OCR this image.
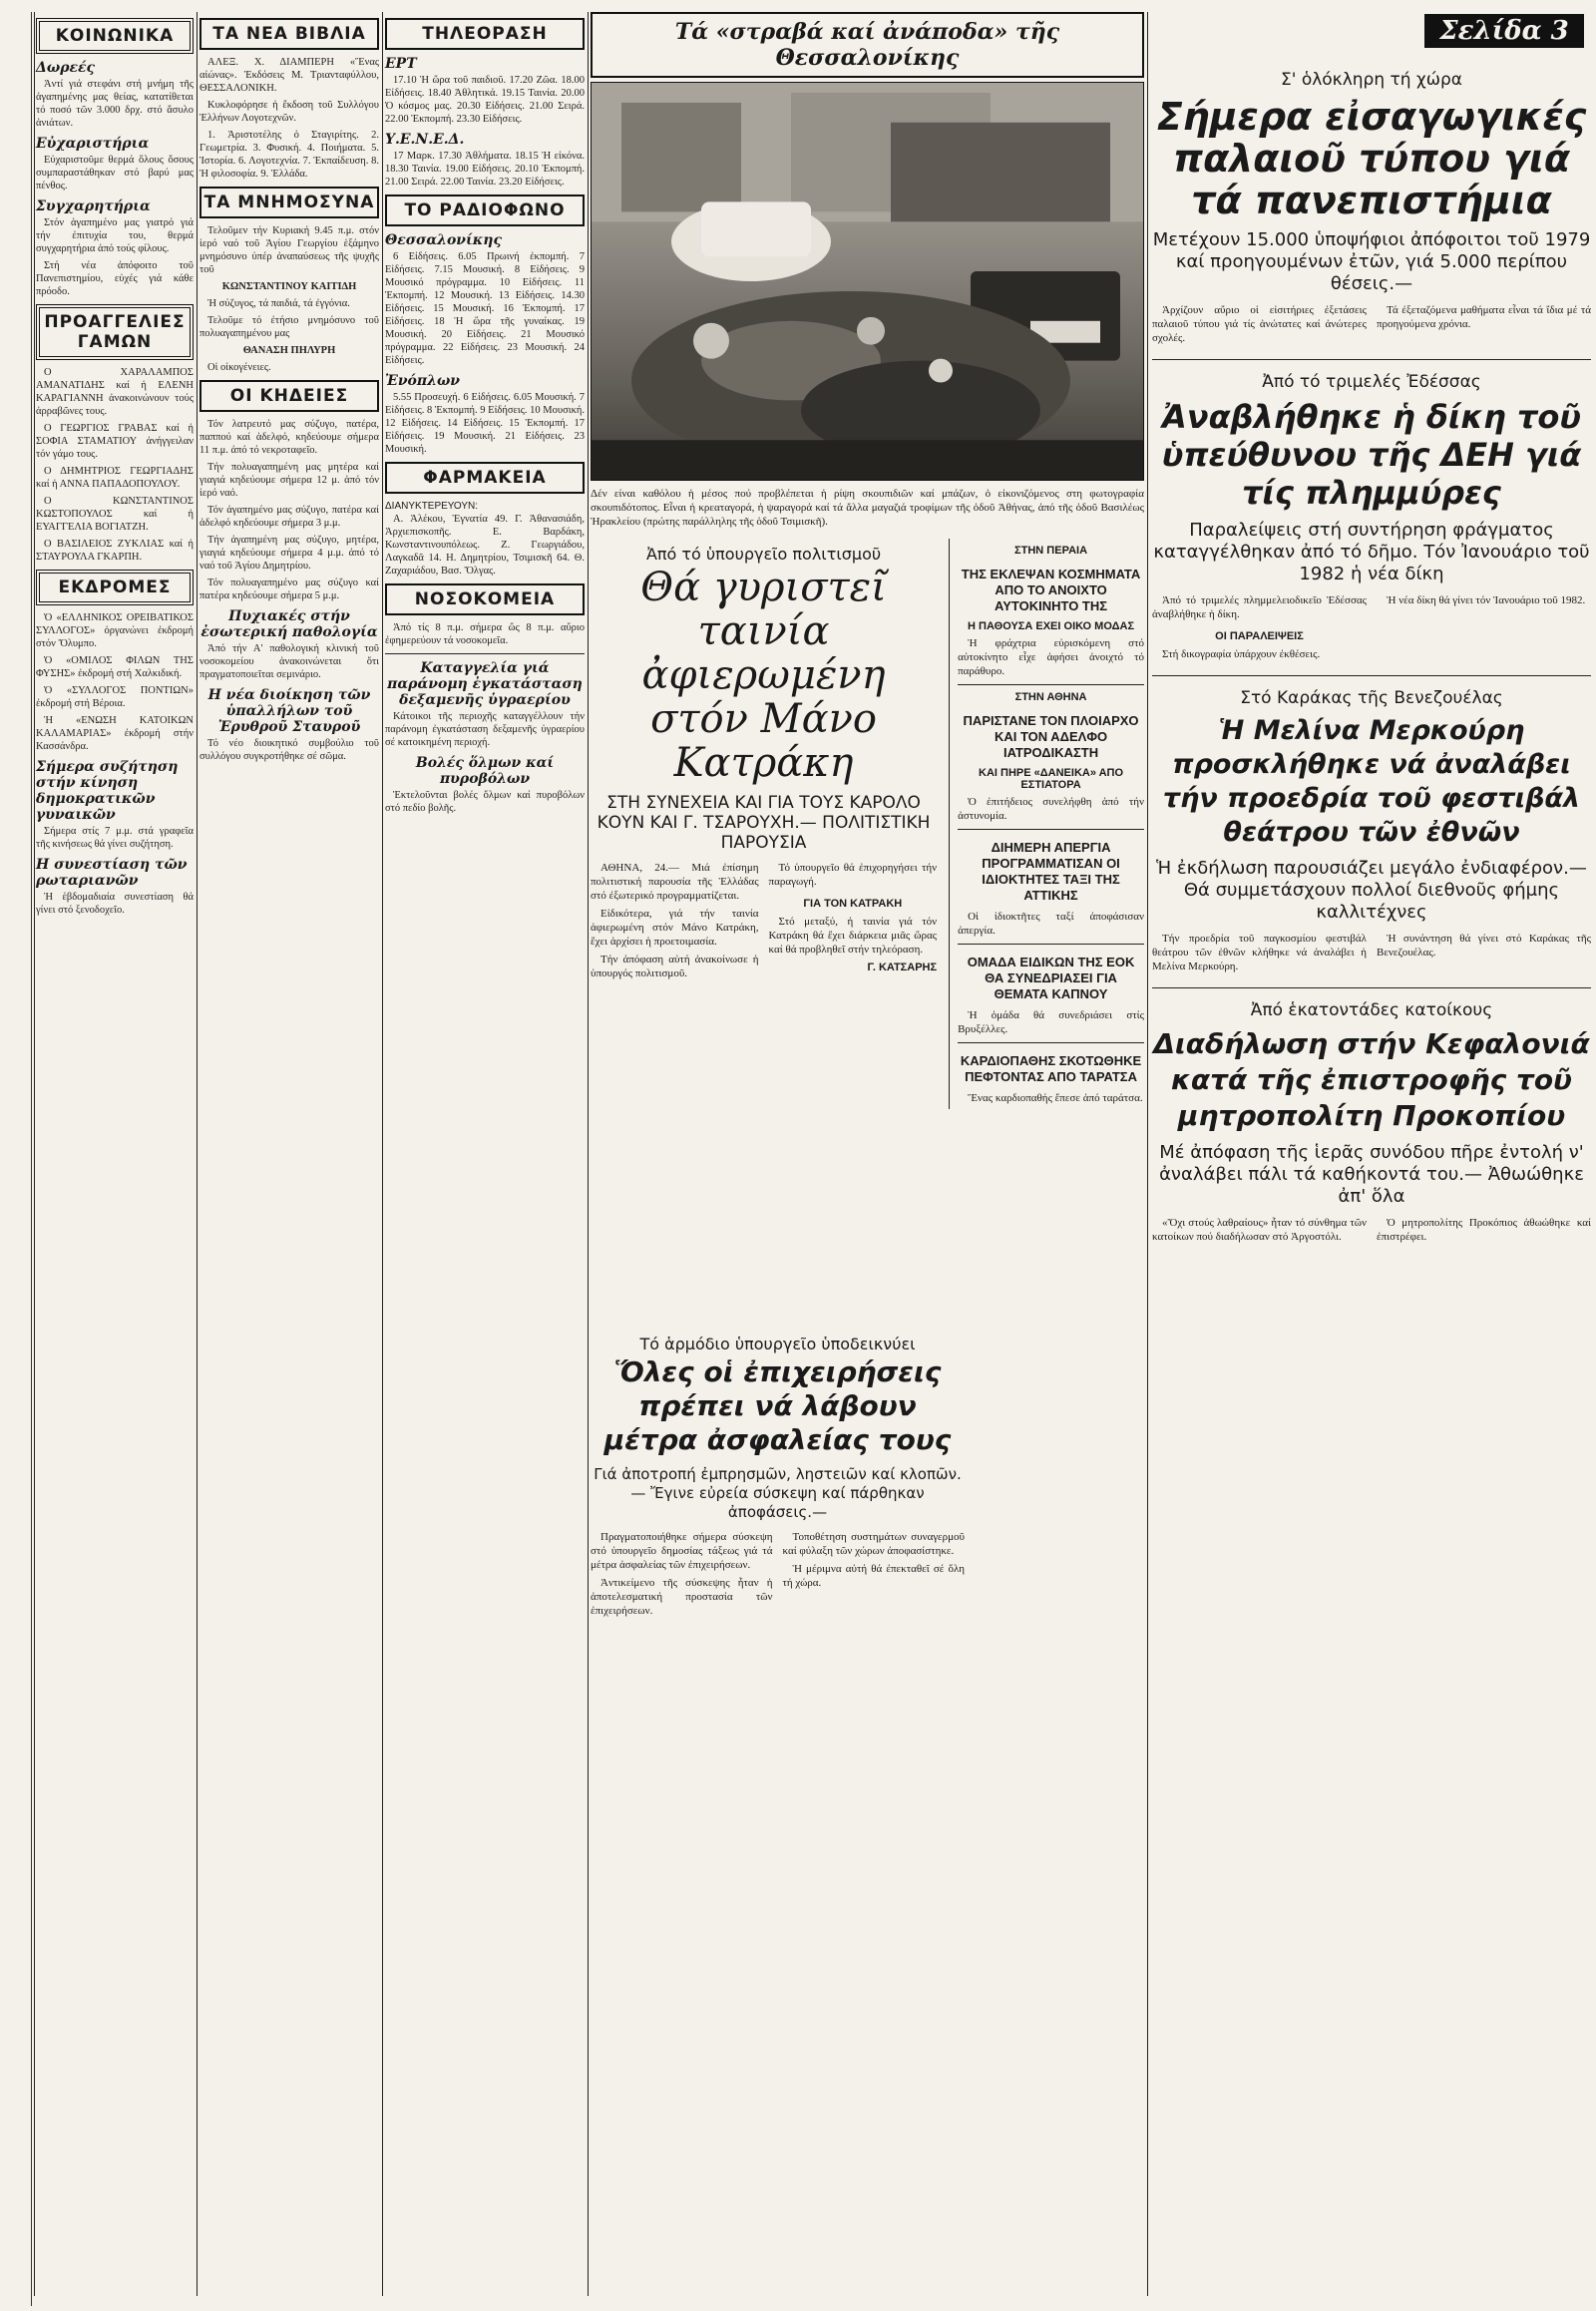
ΚΟΙΝΩΝΙΚΑ
Δωρεές

Ἀντί γιά στεφάνι στή μνήμη τῆς ἀγαπημένης μας θείας, κατατίθεται τό ποσό τῶν 3.000 δρχ. στό ἄσυλο ἀνιάτων.

Εὐχαριστήρια

Εὐχαριστοῦμε θερμά ὅλους ὅσους συμπαραστάθηκαν στό βαρύ μας πένθος.

Συγχαρητήρια

Στόν ἀγαπημένο μας γιατρό γιά τήν ἐπιτυχία του, θερμά συγχαρητήρια ἀπό τούς φίλους.

Στή νέα ἀπόφοιτο τοῦ Πανεπιστημίου, εὐχές γιά κάθε πρόοδο.

ΠΡΟΑΓΓΕΛΙΕΣ ΓΑΜΩΝ

Ο ΧΑΡΑΛΑΜΠΟΣ ΑΜΑΝΑΤΙΔΗΣ καί ἡ ΕΛΕΝΗ ΚΑΡΑΓΙΑΝΝΗ ἀνακοινώνουν τούς ἀρραβῶνες τους.

Ο ΓΕΩΡΓΙΟΣ ΓΡΑΒΑΣ καί ἡ ΣΟΦΙΑ ΣΤΑΜΑΤΙΟΥ ἀνήγγειλαν τόν γάμο τους.

Ο ΔΗΜΗΤΡΙΟΣ ΓΕΩΡΓΙΑΔΗΣ καί ἡ ΑΝΝΑ ΠΑΠΑΔΟΠΟΥΛΟΥ.

Ο ΚΩΝΣΤΑΝΤΙΝΟΣ ΚΩΣΤΟΠΟΥΛΟΣ καί ἡ ΕΥΑΓΓΕΛΙΑ ΒΟΓΙΑΤΖΗ.

Ο ΒΑΣΙΛΕΙΟΣ ΖΥΚΛΙΑΣ καί ἡ ΣΤΑΥΡΟΥΛΑ ΓΚΑΡΠΗ.

ΕΚΔΡΟΜΕΣ

Ὁ «ΕΛΛΗΝΙΚΟΣ ΟΡΕΙΒΑΤΙΚΟΣ ΣΥΛΛΟΓΟΣ» ὀργανώνει ἐκδρομή στόν Ὄλυμπο.

Ὁ «ΟΜΙΛΟΣ ΦΙΛΩΝ ΤΗΣ ΦΥΣΗΣ» ἐκδρομή στή Χαλκιδική.

Ὁ «ΣΥΛΛΟΓΟΣ ΠΟΝΤΙΩΝ» ἐκδρομή στή Βέροια.

Ἡ «ΕΝΩΣΗ ΚΑΤΟΙΚΩΝ ΚΑΛΑΜΑΡΙΑΣ» ἐκδρομή στήν Κασσάνδρα.

Σήμερα συζήτηση στήν κίνηση δημοκρατικῶν γυναικῶν

Σήμερα στίς 7 μ.μ. στά γραφεῖα τῆς κινήσεως θά γίνει συζήτηση.

Η συνεστίαση τῶν ρωταριανῶν

Ἡ ἑβδομαδιαία συνεστίαση θά γίνει στό ξενοδοχεῖο.

ΤΑ ΝΕΑ ΒΙΒΛΙΑ

ΑΛΕΞ. Χ. ΔΙΑΜΠΕΡΗ «Ἔνας αἰώνας». Ἐκδόσεις Μ. Τριανταφύλλου, ΘΕΣΣΑΛΟΝΙΚΗ.

Κυκλοφόρησε ἡ ἔκδοση τοῦ Συλλόγου Ἑλλήνων Λογοτεχνῶν.

1. Ἀριστοτέλης ὁ Σταγιρίτης. 2. Γεωμετρία. 3. Φυσική. 4. Ποιήματα. 5. Ἱστορία. 6. Λογοτεχνία. 7. Ἐκπαίδευση. 8. Ἡ φιλοσοφία. 9. Ἐλλάδα.

ΤΑ ΜΝΗΜΟΣΥΝΑ

Τελοῦμεν τήν Κυριακή 9.45 π.μ. στόν ἱερό ναό τοῦ Ἁγίου Γεωργίου ἑξάμηνο μνημόσυνο ὑπέρ ἀναπαύσεως τῆς ψυχῆς τοῦ

ΚΩΝΣΤΑΝΤΙΝΟΥ ΚΑΙΤΙΔΗ

Ἡ σύζυγος, τά παιδιά, τά ἐγγόνια.

Τελοῦμε τό ἐτήσιο μνημόσυνο τοῦ πολυαγαπημένου μας

ΘΑΝΑΣΗ ΠΗΛΥΡΗ

Οἱ οἰκογένειες.

ΟΙ ΚΗΔΕΙΕΣ

Τόν λατρευτό μας σύζυγο, πατέρα, παππού καί ἀδελφό, κηδεύουμε σήμερα 11 π.μ. ἀπό τό νεκροταφεῖο.

Τήν πολυαγαπημένη μας μητέρα καί γιαγιά κηδεύουμε σήμερα 12 μ. ἀπό τόν ἱερό ναό.

Τόν ἀγαπημένο μας σύζυγο, πατέρα καί ἀδελφό κηδεύουμε σήμερα 3 μ.μ.

Τήν ἀγαπημένη μας σύζυγο, μητέρα, γιαγιά κηδεύουμε σήμερα 4 μ.μ. ἀπό τό ναό τοῦ Ἁγίου Δημητρίου.

Τόν πολυαγαπημένο μας σύζυγο καί πατέρα κηδεύουμε σήμερα 5 μ.μ.

Πυχιακές στήν ἐσωτερική παθολογία

Ἀπό τήν Α' παθολογική κλινική τοῦ νοσοκομείου ἀνακοινώνεται ὅτι πραγματοποιεῖται σεμινάριο.

Η νέα διοίκηση τῶν ὑπαλλήλων τοῦ Ἐρυθροῦ Σταυροῦ

Τό νέο διοικητικό συμβούλιο τοῦ συλλόγου συγκροτήθηκε σέ σῶμα.

ΤΗΛΕΟΡΑΣΗ
ΕΡΤ

17.10 Ἡ ὥρα τοῦ παιδιοῦ. 17.20 Ζῶα. 18.00 Εἰδήσεις. 18.40 Ἀθλητικά. 19.15 Ταινία. 20.00 Ὁ κόσμος μας. 20.30 Εἰδήσεις. 21.00 Σειρά. 22.00 Ἐκπομπή. 23.30 Εἰδήσεις.

Υ.Ε.Ν.Ε.Δ.

17 Μαρκ. 17.30 Ἀθλήματα. 18.15 Ἡ εἰκόνα. 18.30 Ταινία. 19.00 Εἰδήσεις. 20.10 Ἐκπομπή. 21.00 Σειρά. 22.00 Ταινία. 23.20 Εἰδήσεις.

ΤΟ ΡΑΔΙΟΦΩΝΟ
Θεσσαλονίκης

6 Εἰδήσεις. 6.05 Πρωινή ἐκπομπή. 7 Εἰδήσεις. 7.15 Μουσική. 8 Εἰδήσεις. 9 Μουσικό πρόγραμμα. 10 Εἰδήσεις. 11 Ἐκπομπή. 12 Μουσική. 13 Εἰδήσεις. 14.30 Εἰδήσεις. 15 Μουσική. 16 Ἐκπομπή. 17 Εἰδήσεις. 18 Ἡ ὥρα τῆς γυναίκας. 19 Μουσική. 20 Εἰδήσεις. 21 Μουσικό πρόγραμμα. 22 Εἰδήσεις. 23 Μουσική. 24 Εἰδήσεις.

Ἐνόπλων

5.55 Προσευχή. 6 Εἰδήσεις. 6.05 Μουσική. 7 Εἰδήσεις. 8 Ἐκπομπή. 9 Εἰδήσεις. 10 Μουσική. 12 Εἰδήσεις. 14 Εἰδήσεις. 15 Ἐκπομπή. 17 Εἰδήσεις. 19 Μουσική. 21 Εἰδήσεις. 23 Μουσική.

ΦΑΡΜΑΚΕΙΑ
ΔΙΑΝΥΚΤΕΡΕΥΟΥΝ:

Α. Ἀλέκου, Ἐγνατία 49. Γ. Ἀθανασιάδη, Ἀρχιεπισκοπῆς. Ε. Βαρδάκη, Κωνσταντινουπόλεως. Ζ. Γεωργιάδου, Λαγκαδᾶ 14. Η. Δημητρίου, Τσιμισκῆ 64. Θ. Ζαχαριάδου, Βασ. Ὄλγας.

ΝΟΣΟΚΟΜΕΙΑ

Ἀπό τίς 8 π.μ. σήμερα ὥς 8 π.μ. αὔριο ἐφημερεύουν τά νοσοκομεῖα.

Καταγγελία γιά παράνομη ἐγκατάσταση δεξαμενῆς ὑγραερίου

Κάτοικοι τῆς περιοχῆς καταγγέλλουν τήν παράνομη ἐγκατάσταση δεξαμενῆς ὑγραερίου σέ κατοικημένη περιοχή.

Βολές ὅλμων καί πυροβόλων

Ἐκτελοῦνται βολές ὅλμων καί πυροβόλων στό πεδίο βολῆς.

Τά «στραβά καί ἀνάποδα» τῆς Θεσσαλονίκης
Δέν είναι καθόλου ἡ μέσος πού προβλέπεται ἡ ρίψη σκουπιδιῶν καί μπάζων, ὁ εἰκονιζόμενος στη φωτογραφία σκουπιδότοπος. Εἶναι ἡ κρεαταγορά, ἡ ψαραγορά καί τά ἄλλα μαγαζιά τροφίμων τῆς ὁδοῦ Ἀθήνας, ἀπό τῆς ὁδοῦ Βασιλέως Ἡρακλείου (πρώτης παράλληλης τῆς ὁδοῦ Τσιμισκῆ).
Ἀπό τό ὑπουργεῖο πολιτισμοῦ
Θά γυριστεῖ ταινία ἀφιερωμένη στόν Μάνο Κατράκη
ΣΤΗ ΣΥΝΕΧΕΙΑ ΚΑΙ ΓΙΑ ΤΟΥΣ ΚΑΡΟΛΟ ΚΟΥΝ ΚΑΙ Γ. ΤΣΑΡΟΥΧΗ.— ΠΟΛΙΤΙΣΤΙΚΗ ΠΑΡΟΥΣΙΑ

ΑΘΗΝΑ, 24.— Μιά ἐπίσημη πολιτιστική παρουσία τῆς Ἑλλάδας στό ἐξωτερικό προγραμματίζεται.

Εἰδικότερα, γιά τήν ταινία ἀφιερωμένη στόν Μάνο Κατράκη, ἔχει ἀρχίσει ἡ προετοιμασία.

Τήν ἀπόφαση αὐτή ἀνακοίνωσε ἡ ὑπουργός πολιτισμοῦ.

Τό ὑπουργεῖο θά ἐπιχορηγήσει τήν παραγωγή.

ΓΙΑ ΤΟΝ ΚΑΤΡΑΚΗ

Στό μεταξύ, ἡ ταινία γιά τόν Κατράκη θά ἔχει διάρκεια μιᾶς ὥρας καί θά προβληθεῖ στήν τηλεόραση.

Γ. ΚΑΤΣΑΡΗΣ
ΣΤΗΝ ΠΕΡΑΙΑ
ΤΗΣ ΕΚΛΕΨΑΝ ΚΟΣΜΗΜΑΤΑ ΑΠΟ ΤΟ ΑΝΟΙΧΤΟ ΑΥΤΟΚΙΝΗΤΟ ΤΗΣ
Η ΠΑΘΟΥΣΑ ΕΧΕΙ ΟΙΚΟ ΜΟΔΑΣ

Ἡ φράχτρια εὐρισκόμενη στό αὐτοκίνητο εἶχε ἀφήσει ἀνοιχτό τό παράθυρο.

ΣΤΗΝ ΑΘΗΝΑ
ΠΑΡΙΣΤΑΝΕ ΤΟΝ ΠΛΟΙΑΡΧΟ ΚΑΙ ΤΟΝ ΑΔΕΛΦΟ ΙΑΤΡΟΔΙΚΑΣΤΗ
ΚΑΙ ΠΗΡΕ «ΔΑΝΕΙΚΑ» ΑΠΟ ΕΣΤΙΑΤΟΡΑ

Ὁ ἐπιτήδειος συνελήφθη ἀπό τήν ἀστυνομία.

ΔΙΗΜΕΡΗ ΑΠΕΡΓΙΑ ΠΡΟΓΡΑΜΜΑΤΙΣΑΝ ΟΙ ΙΔΙΟΚΤΗΤΕΣ ΤΑΞΙ ΤΗΣ ΑΤΤΙΚΗΣ

Οἱ ἰδιοκτῆτες ταξί ἀποφάσισαν ἀπεργία.

ΟΜΑΔΑ ΕΙΔΙΚΩΝ ΤΗΣ ΕΟΚ ΘΑ ΣΥΝΕΔΡΙΑΣΕΙ ΓΙΑ ΘΕΜΑΤΑ ΚΑΠΝΟΥ

Ἡ ὁμάδα θά συνεδριάσει στίς Βρυξέλλες.

ΚΑΡΔΙΟΠΑΘΗΣ ΣΚΟΤΩΘΗΚΕ ΠΕΦΤΟΝΤΑΣ ΑΠΟ ΤΑΡΑΤΣΑ

Ἕνας καρδιοπαθής ἔπεσε ἀπό ταράτσα.

Τό ἁρμόδιο ὑπουργεῖο ὑποδεικνύει
Ὅλες οἱ ἐπιχειρήσεις πρέπει νά λάβουν μέτρα ἀσφαλείας τους
Γιά ἀποτροπή ἐμπρησμῶν, ληστειῶν καί κλοπῶν.— Ἔγινε εὐρεία σύσκεψη καί πάρθηκαν ἀποφάσεις.—

Πραγματοποιήθηκε σήμερα σύσκεψη στό ὑπουργεῖο δημοσίας τάξεως γιά τά μέτρα ἀσφαλείας τῶν ἐπιχειρήσεων.

Ἀντικείμενο τῆς σύσκεψης ἦταν ἡ ἀποτελεσματική προστασία τῶν ἐπιχειρήσεων.

Τοποθέτηση συστημάτων συναγερμοῦ καί φύλαξη τῶν χώρων ἀποφασίστηκε.

Ἡ μέριμνα αὐτή θά ἐπεκταθεῖ σέ ὅλη τή χώρα.

Σ' ὁλόκληρη τή χώρα
Σήμερα εἰσαγωγικές παλαιοῦ τύπου γιά τά πανεπιστήμια
Μετέχουν 15.000 ὑποψήφιοι ἀπόφοιτοι τοῦ 1979 καί προηγουμένων ἐτῶν, γιά 5.000 περίπου θέσεις.—

Ἀρχίζουν αὔριο οἱ εἰσιτήριες ἐξετάσεις παλαιοῦ τύπου γιά τίς ἀνώτατες καί ἀνώτερες σχολές.

Τά ἐξεταζόμενα μαθήματα εἶναι τά ἴδια μέ τά προηγούμενα χρόνια.

Ἀπό τό τριμελές Ἐδέσσας
Ἀναβλήθηκε ἡ δίκη τοῦ ὑπεύθυνου τῆς ΔΕΗ γιά τίς πλημμύρες
Παραλείψεις στή συντήρηση φράγματος καταγγέλθηκαν ἀπό τό δῆμο. Τόν Ἰανουάριο τοῦ 1982 ἡ νέα δίκη

Ἀπό τό τριμελές πλημμελειοδικεῖο Ἐδέσσας ἀναβλήθηκε ἡ δίκη.

ΟΙ ΠΑΡΑΛΕΙΨΕΙΣ

Στή δικογραφία ὑπάρχουν ἐκθέσεις.

Ἡ νέα δίκη θά γίνει τόν Ἰανουάριο τοῦ 1982.

Στό Καράκας τῆς Βενεζουέλας
Ἡ Μελίνα Μερκούρη προσκλήθηκε νά ἀναλάβει τήν προεδρία τοῦ φεστιβάλ θεάτρου τῶν ἐθνῶν
Ἡ ἐκδήλωση παρουσιάζει μεγάλο ἐνδιαφέρον.— Θά συμμετάσχουν πολλοί διεθνοῦς φήμης καλλιτέχνες

Τήν προεδρία τοῦ παγκοσμίου φεστιβάλ θεάτρου τῶν ἐθνῶν κλήθηκε νά ἀναλάβει ἡ Μελίνα Μερκούρη.

Ἡ συνάντηση θά γίνει στό Καράκας τῆς Βενεζουέλας.

Ἀπό ἑκατοντάδες κατοίκους
Διαδήλωση στήν Κεφαλονιά κατά τῆς ἐπιστροφῆς τοῦ μητροπολίτη Προκοπίου
Μέ ἀπόφαση τῆς ἱερᾶς συνόδου πῆρε ἐντολή ν' ἀναλάβει πάλι τά καθήκοντά του.— Ἀθωώθηκε ἀπ' ὅλα

«Ὄχι στούς λαθραίους» ἦταν τό σύνθημα τῶν κατοίκων πού διαδήλωσαν στό Ἀργοστόλι.

Ὁ μητροπολίτης Προκόπιος ἀθωώθηκε καί ἐπιστρέφει.

Σελίδα 3
